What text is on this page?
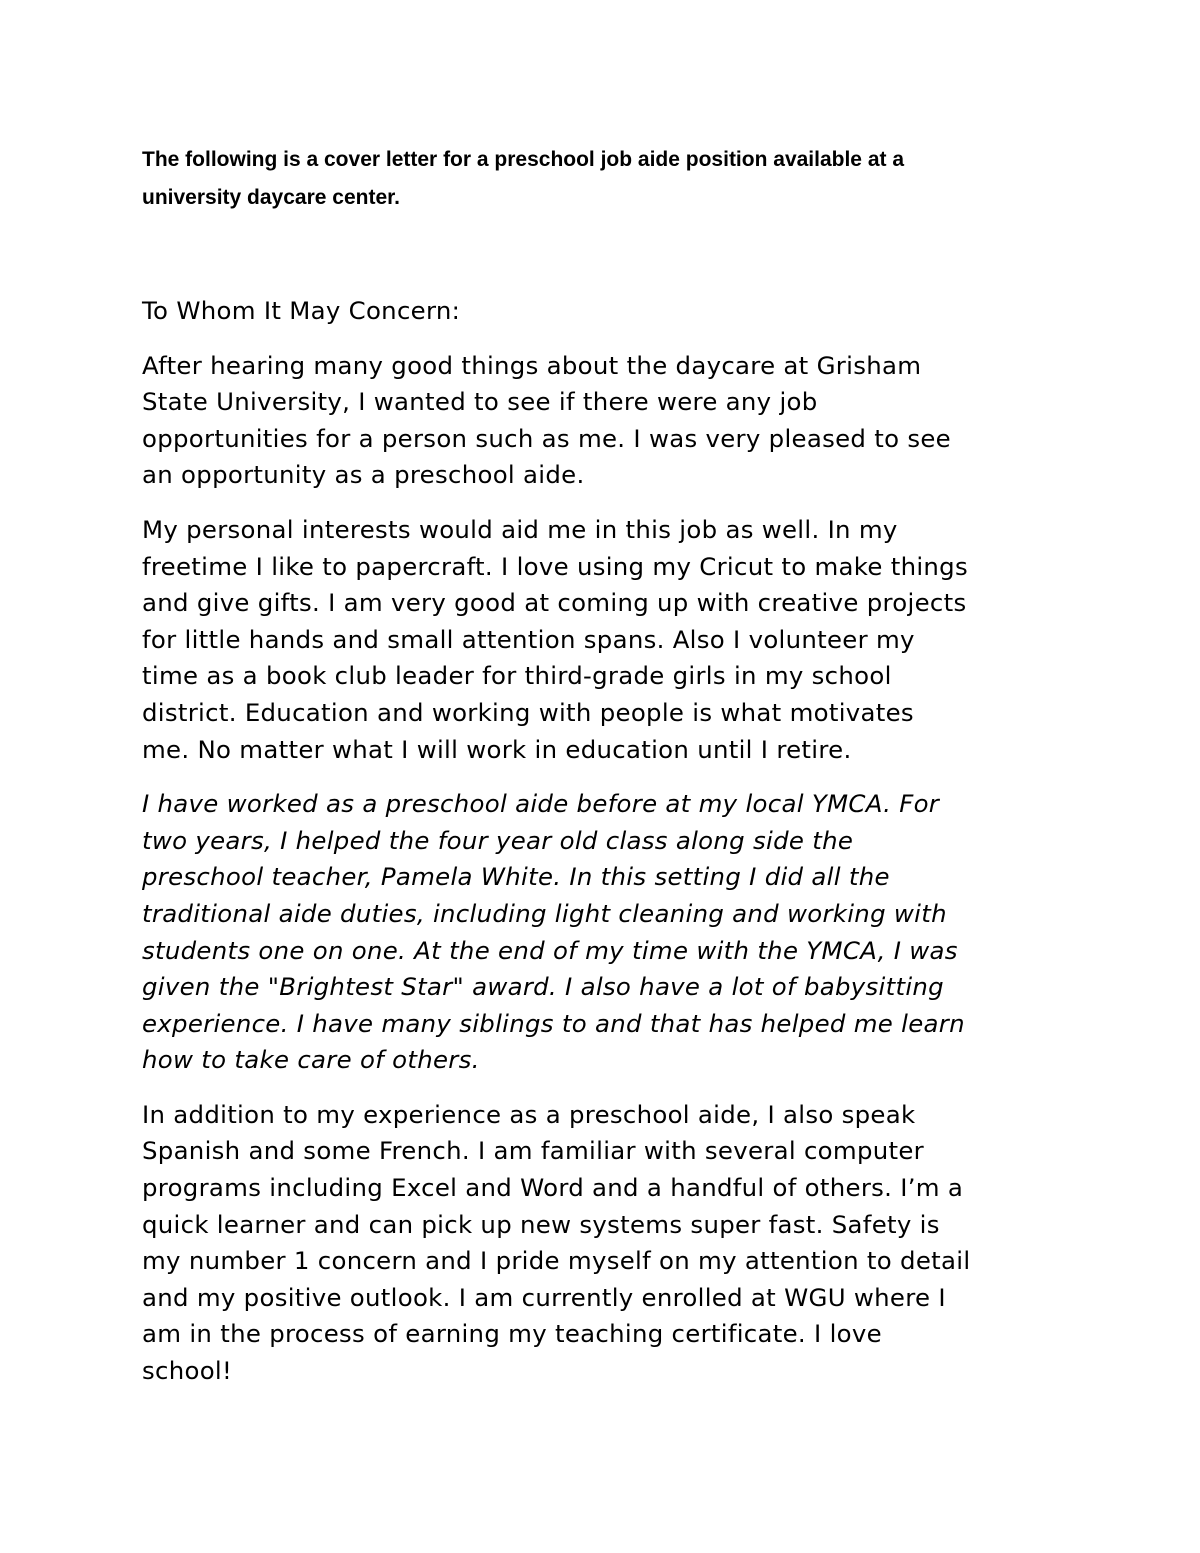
The following is a cover letter for a preschool job aide position available at a
university daycare center.

To Whom It May Concern:

After hearing many good things about the daycare at Grisham
State University, I wanted to see if there were any job
opportunities for a person such as me. I was very pleased to see
an opportunity as a preschool aide.

My personal interests would aid me in this job as well. In my
freetime I like to papercraft. I love using my Cricut to make things
and give gifts. I am very good at coming up with creative projects
for little hands and small attention spans. Also I volunteer my
time as a book club leader for third-grade girls in my school
district. Education and working with people is what motivates
me. No matter what I will work in education until I retire.

I have worked as a preschool aide before at my local YMCA. For
two years, I helped the four year old class along side the
preschool teacher, Pamela White. In this setting I did all the
traditional aide duties, including light cleaning and working with
students one on one. At the end of my time with the YMCA, I was
given the "Brightest Star" award. I also have a lot of babysitting
experience. I have many siblings to and that has helped me learn
how to take care of others.

In addition to my experience as a preschool aide, I also speak
Spanish and some French. I am familiar with several computer
programs including Excel and Word and a handful of others. I’m a
quick learner and can pick up new systems super fast. Safety is
my number 1 concern and I pride myself on my attention to detail
and my positive outlook. I am currently enrolled at WGU where I
am in the process of earning my teaching certificate. I love
school!
